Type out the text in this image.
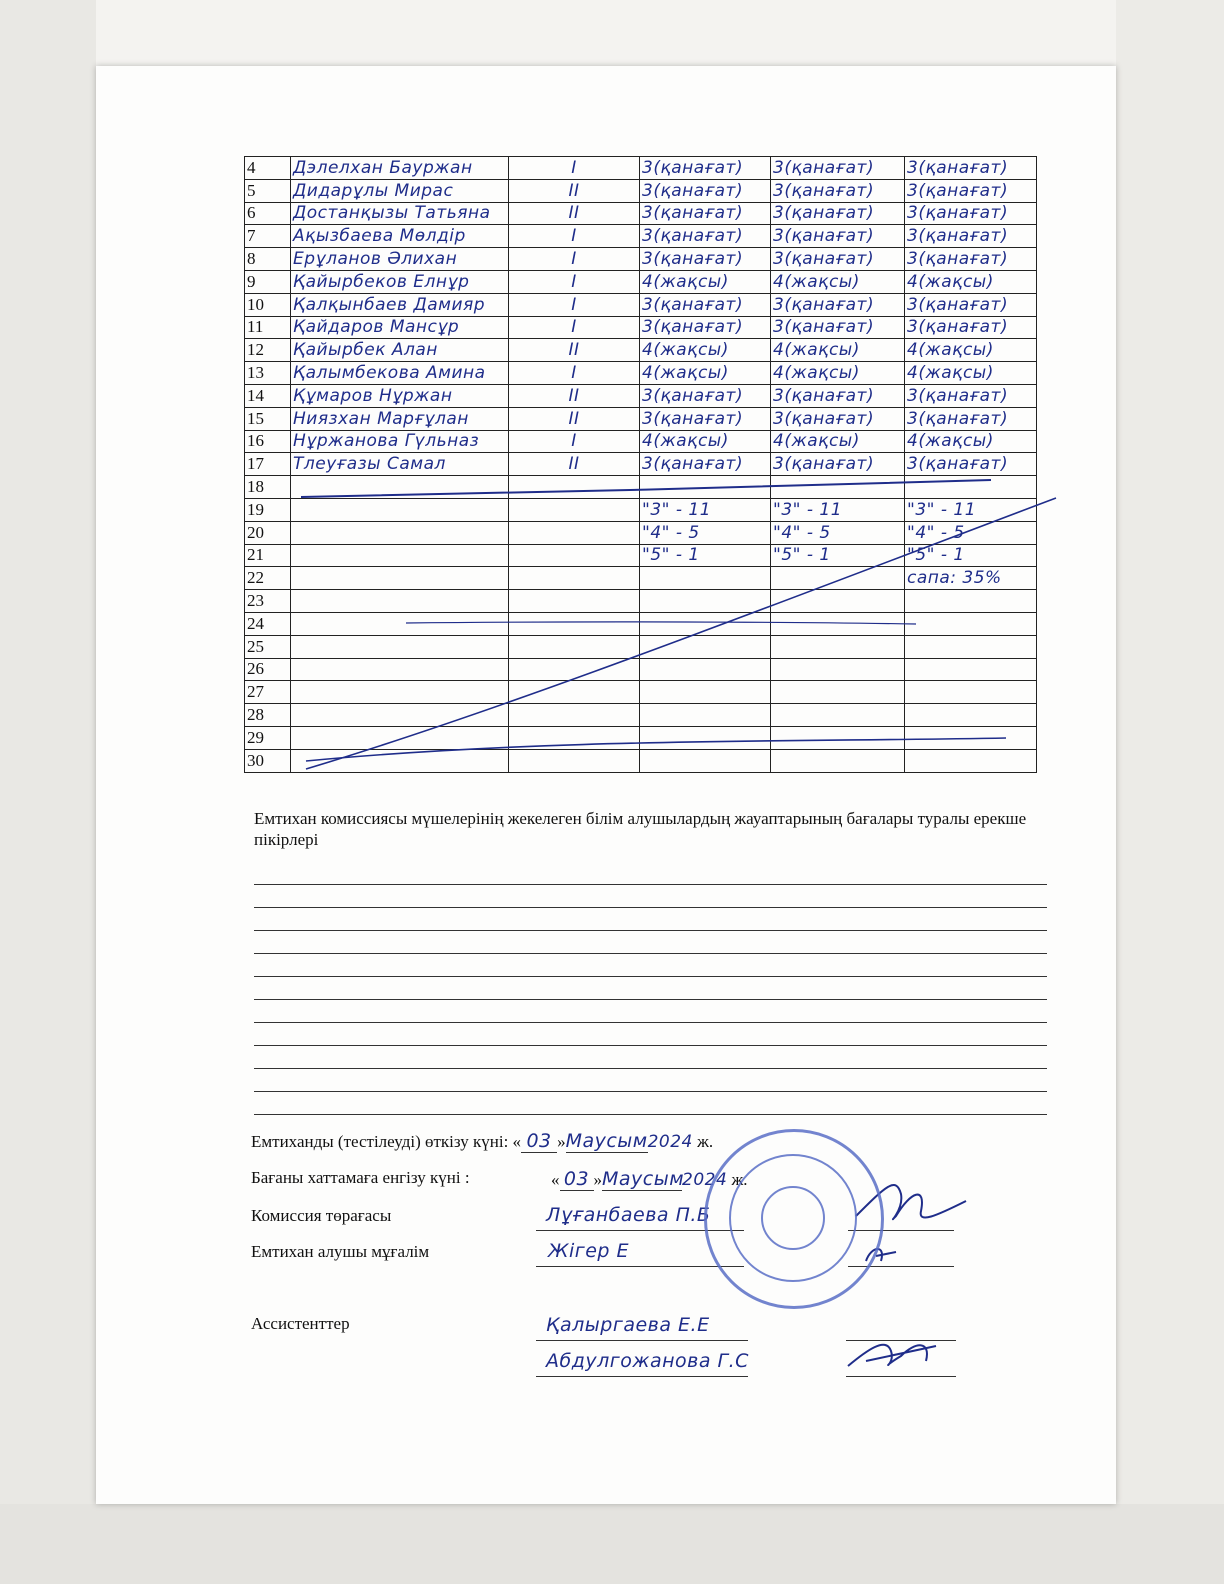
4	Дэлелхан Бауржан	I	3(қанағат)	3(қанағат)	3(қанағат)
5	Дидарұлы Мирас	II	3(қанағат)	3(қанағат)	3(қанағат)
6	Достанқызы Татьяна	II	3(қанағат)	3(қанағат)	3(қанағат)
7	Ақызбаева Мөлдір	I	3(қанағат)	3(қанағат)	3(қанағат)
8	Ерұланов Әлихан	I	3(қанағат)	3(қанағат)	3(қанағат)
9	Қайырбеков Елнұр	I	4(жақсы)	4(жақсы)	4(жақсы)
10	Қалқынбаев Дамияр	I	3(қанағат)	3(қанағат)	3(қанағат)
11	Қайдаров Мансұр	I	3(қанағат)	3(қанағат)	3(қанағат)
12	Қайырбек Алан	II	4(жақсы)	4(жақсы)	4(жақсы)
13	Қалымбекова Амина	I	4(жақсы)	4(жақсы)	4(жақсы)
14	Құмаров Нұржан	II	3(қанағат)	3(қанағат)	3(қанағат)
15	Ниязхан Марғұлан	II	3(қанағат)	3(қанағат)	3(қанағат)
16	Нұржанова Гүльназ	I	4(жақсы)	4(жақсы)	4(жақсы)
17	Тлеуғазы Самал	II	3(қанағат)	3(қанағат)	3(қанағат)
18					
19			"3" - 11	"3" - 11	"3" - 11
20			"4" - 5	"4" - 5	"4" - 5
21			"5" - 1	"5" - 1	"5" - 1
22					сапа: 35%
23					
24					
25					
26					
27					
28					
29					
30					
Емтихан комиссиясы мүшелерінің жекелеген білім алушылардың жауаптарының бағалары туралы ерекше пікірлері
Емтиханды (тестілеуді) өткізу күні: « 03 »Маусым2024 ж.
Бағаны хаттамаға енгізу күні :	« 03 »Маусым2024 ж.
Комиссия төрағасы	Лұғанбаева П.Б
Емтихан алушы мұғалім	Жігер Е
Ассистенттер	Қалыргаева Е.Е
Абдулгожанова Г.С
